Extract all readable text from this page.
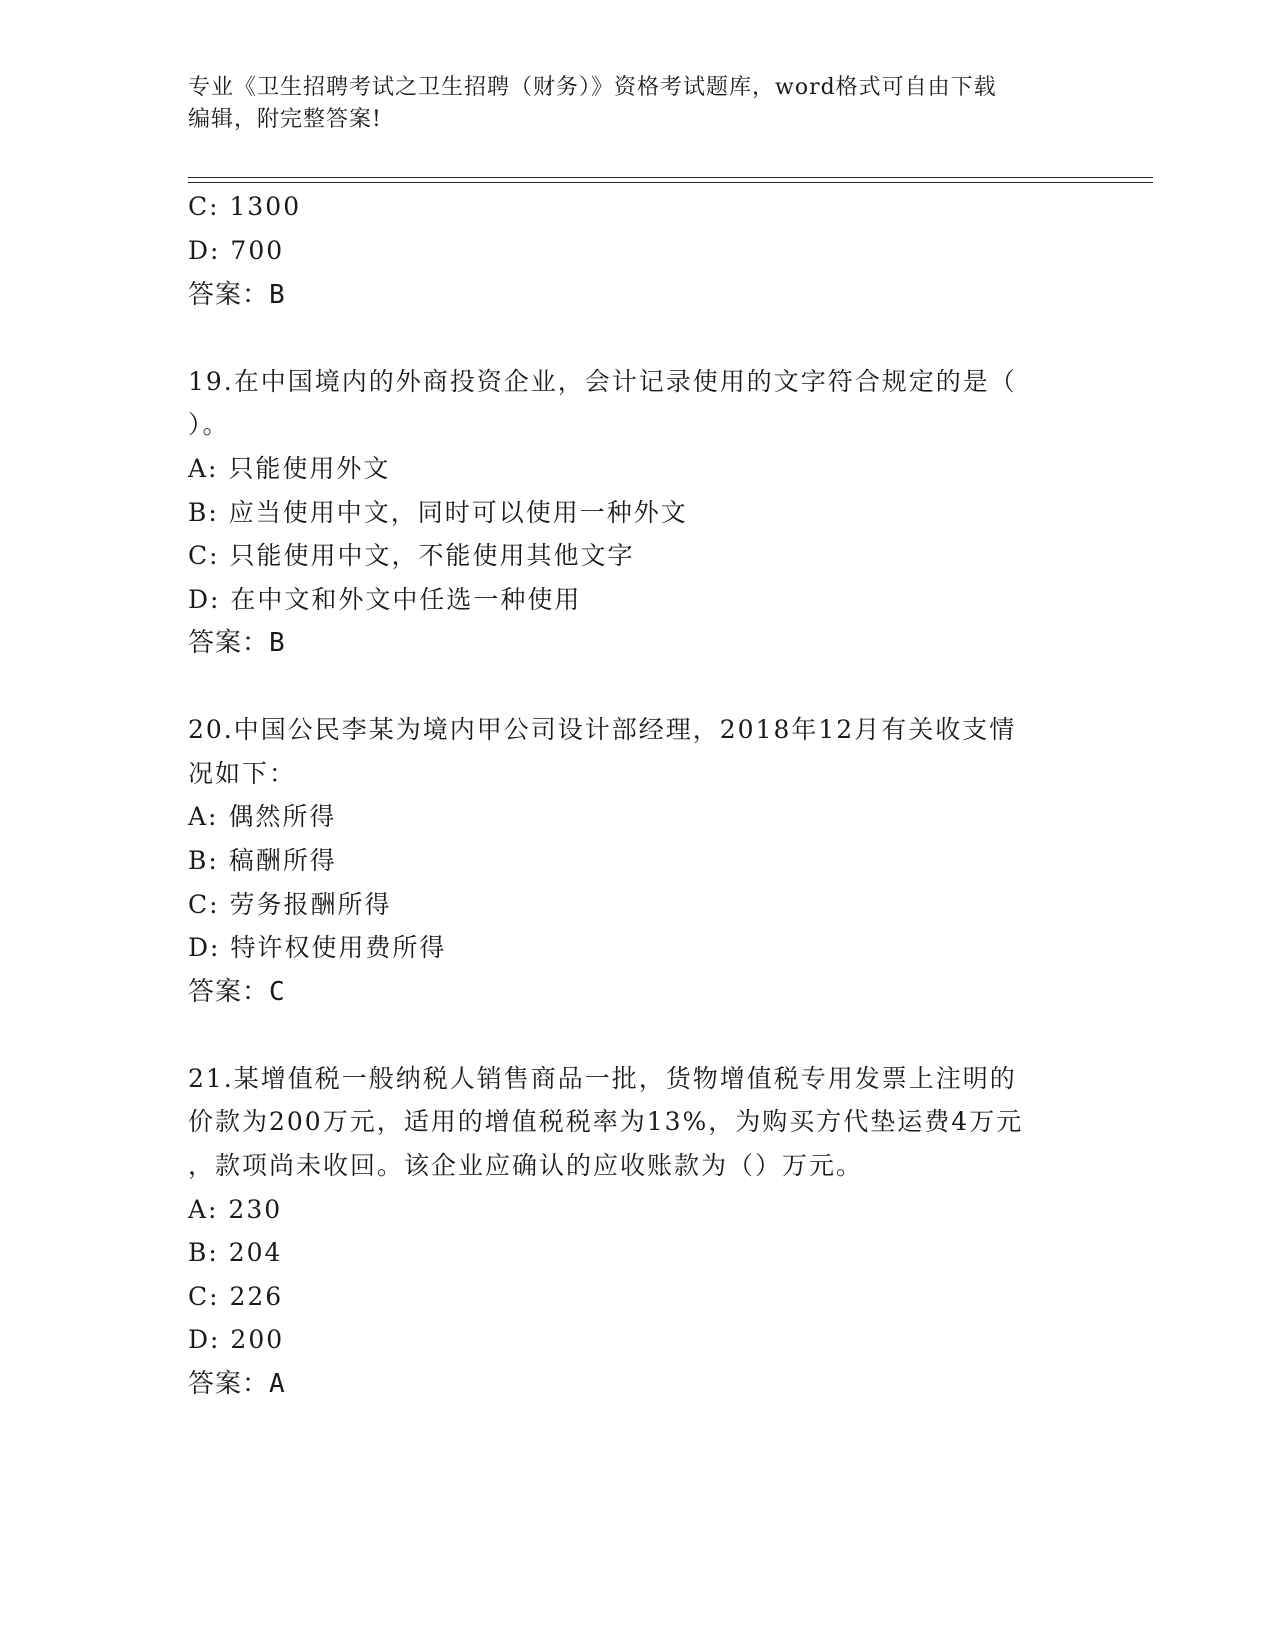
专业《卫生招聘考试之卫生招聘（财务）》资格考试题库，word格式可自由下载
编辑，附完整答案!
C: 1300
D: 700
答案：B
19.在中国境内的外商投资企业，会计记录使用的文字符合规定的是（
）。
A: 只能使用外文
B: 应当使用中文，同时可以使用一种外文
C: 只能使用中文，不能使用其他文字
D: 在中文和外文中任选一种使用
答案：B
20.中国公民李某为境内甲公司设计部经理，2018年12月有关收支情
况如下：
A: 偶然所得
B: 稿酬所得
C: 劳务报酬所得
D: 特许权使用费所得
答案：C
21.某增值税一般纳税人销售商品一批，货物增值税专用发票上注明的
价款为200万元，适用的增值税税率为13%，为购买方代垫运费4万元
，款项尚未收回。该企业应确认的应收账款为（）万元。
A: 230
B: 204
C: 226
D: 200
答案：A
